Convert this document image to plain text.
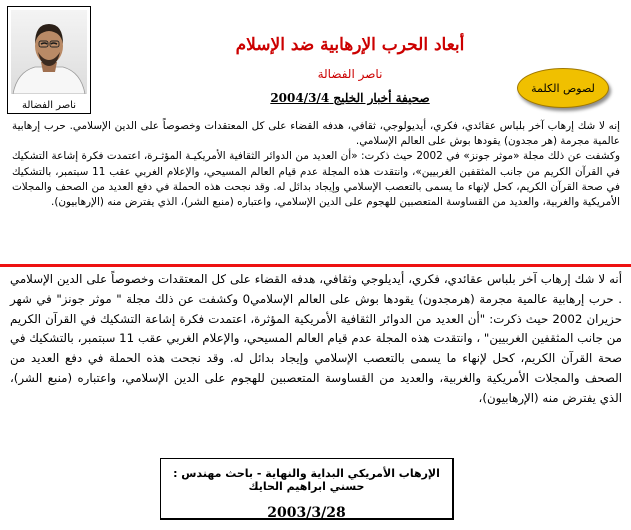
ناصر الفضالة
أبعاد الحرب الإرهابية ضد الإسلام
ناصر الفضالة
صحيفة أخبار الخليج 2004/3/4
لصوص الكلمة

إنه لا شك إرهاب آخر بلباس عقائدي، فكري، أيديولوجي، ثقافي، هدفه القضاء على كل المعتقدات وخصوصاً على الدين الإسلامي. حرب إرهابية عالمية مجرمة (هر مجدون) يقودها بوش على العالم الإسلامي.

وكشفت عن ذلك مجلة «موثر جونز» في 2002 حيث ذكرت: «أن العديد من الدوائر الثقافية الأمريكيـة المؤثـرة، اعتمدت فكرة إشاعة التشكيك في القرآن الكريم من جانب المثقفين الغربيين»، وانتقدت هذه المجلة عدم قيام العالم المسيحي، والإعلام الغربي عقب 11 سبتمبر، بالتشكيك في صحة القرآن الكريم، كحل لإنهاء ما يسمى بالتعصب الإسلامي وإيجاد بدائل له. وقد نجحت هذه الحملة في دفع العديد من الصحف والمجلات الأمريكية والغربية، والعديد من القساوسة المتعصبين للهجوم على الدين الإسلامي، واعتباره (منبع الشر)، الذي يفترض منه (الإرهابيون).

أنه لا شك إرهاب آخر بلباس عقائدي، فكري، أيديلوجي وثقافي، هدفه القضاء على كل المعتقدات وخصوصاً على الدين الإسلامي . حرب إرهابية عالمية مجرمة (هرمجدون) يقودها بوش على العالم الإسلامي0 وكشفت عن ذلك مجلة " موثر جونز" في شهر حزيران 2002 حيث ذكرت: "أن العديد من الدوائر الثقافية الأمريكية المؤثرة، اعتمدت فكرة إشاعة التشكيك في القرآن الكريم من جانب المثقفين الغربيين" ، وانتقدت هذه المجلة عدم قيام العالم المسيحي، والإعلام الغربي عقب 11 سبتمبر، بالتشكيك في صحة القرآن الكريم، كحل لإنهاء ما يسمى بالتعصب الإسلامي وإيجاد بدائل له. وقد نجحت هذه الحملة في دفع العديد من الصحف والمجلات الأمريكية والغربية، والعديد من القساوسة المتعصبين للهجوم على الدين الإسلامي، واعتباره (منبع الشر)، الذي يفترض منه (الإرهابيون)،
الإرهاب الأمريكي البداية والنهاية - باحث مهندس : حسني ابراهيم الحايك
2003/3/28
